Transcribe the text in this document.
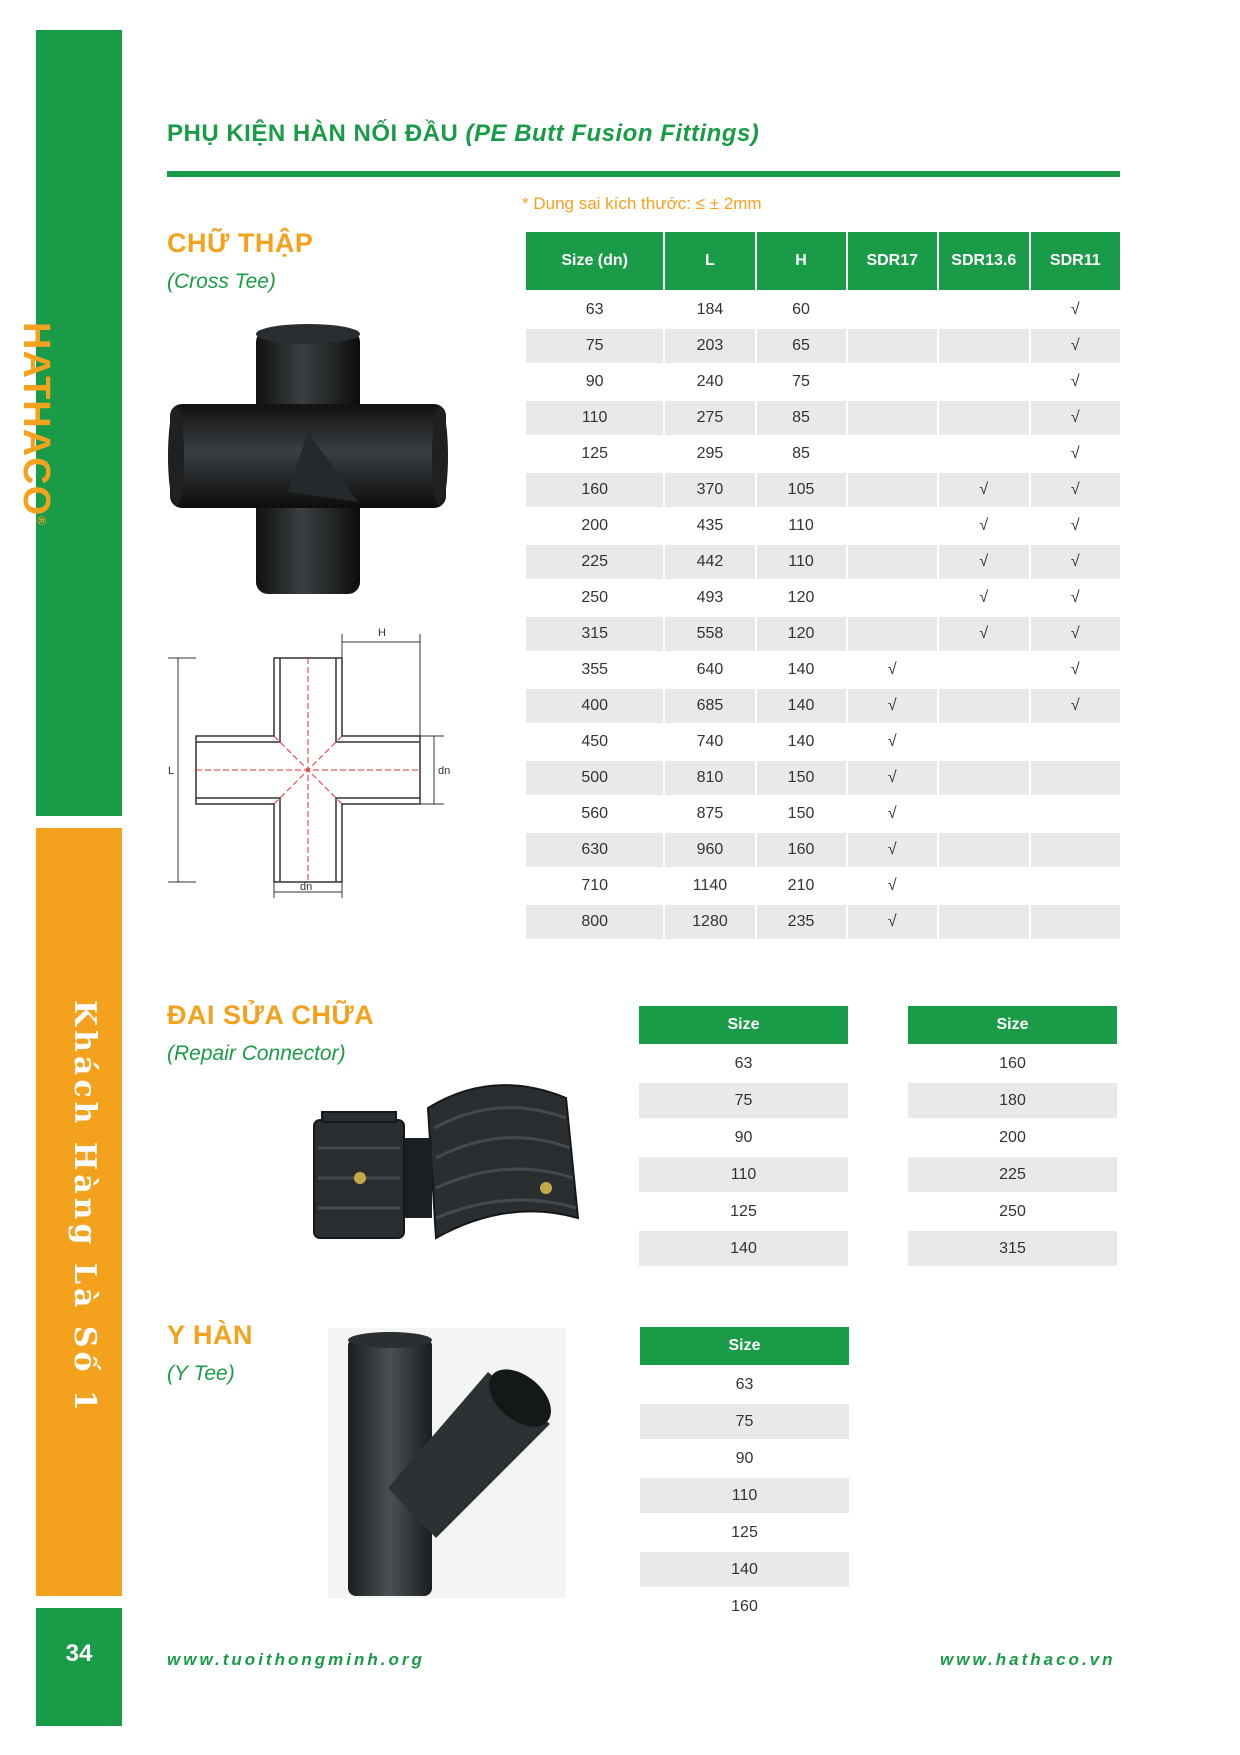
HATHACO®
Khách Hàng Là Số 1
34
PHỤ KIỆN HÀN NỐI ĐẦU (PE Butt Fusion Fittings)
* Dung sai kích thước: ≤ ± 2mm
CHỮ THẬP
(Cross Tee)
H
L	dn
dn
Size (dn)	L	H	SDR17	SDR13.6	SDR11
63	184	60			√
75	203	65			√
90	240	75			√
110	275	85			√
125	295	85			√
160	370	105		√	√
200	435	110		√	√
225	442	110		√	√
250	493	120		√	√
315	558	120		√	√
355	640	140	√		√
400	685	140	√		√
450	740	140	√		
500	810	150	√		
560	875	150	√		
630	960	160	√		
710	1140	210	√		
800	1280	235	√		
ĐAI SỬA CHỮA
(Repair Connector)
Size
63
75
90
110
125
140
Size
160
180
200
225
250
315
Y HÀN
(Y Tee)
Size
63
75
90
110
125
140
160
www.tuoithongminh.org	www.hathaco.vn
